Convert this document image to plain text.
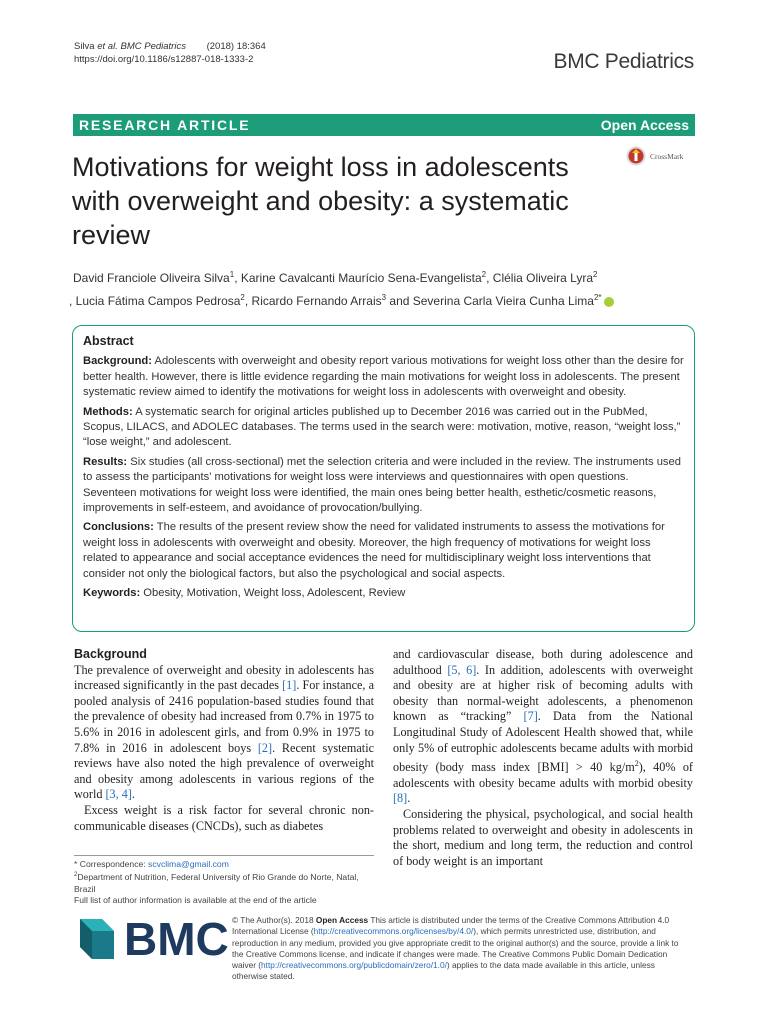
Silva et al. BMC Pediatrics (2018) 18:364
https://doi.org/10.1186/s12887-018-1333-2	BMC Pediatrics
RESEARCH ARTICLE	Open Access
Motivations for weight loss in adolescents with overweight and obesity: a systematic review
CrossMark
David Franciole Oliveira Silva$^1$, Karine Cavalcanti Maurício Sena-Evangelista$^2$, Clélia Oliveira Lyra$^2$
, Lucia Fátima Campos Pedrosa$^2$, Ricardo Fernando Arrais$^3$ and Severina Carla Vieira Cunha Lima$^{2*}$
Abstract

Background: Adolescents with overweight and obesity report various motivations for weight loss other than the desire for better health. However, there is little evidence regarding the main motivations for weight loss in adolescents. The present systematic review aimed to identify the motivations for weight loss in adolescents with overweight and obesity.

Methods: A systematic search for original articles published up to December 2016 was carried out in the PubMed, Scopus, LILACS, and ADOLEC databases. The terms used in the search were: motivation, motive, reason, “weight loss,” “lose weight,” and adolescent.

Results: Six studies (all cross-sectional) met the selection criteria and were included in the review. The instruments used to assess the participants' motivations for weight loss were interviews and questionnaires with open questions. Seventeen motivations for weight loss were identified, the main ones being better health, esthetic/cosmetic reasons, improvements in self-esteem, and avoidance of provocation/bullying.

Conclusions: The results of the present review show the need for validated instruments to assess the motivations for weight loss in adolescents with overweight and obesity. Moreover, the high frequency of motivations for weight loss related to appearance and social acceptance evidences the need for multidisciplinary weight loss interventions that consider not only the biological factors, but also the psychological and social aspects.

Keywords: Obesity, Motivation, Weight loss, Adolescent, Review

Background

The prevalence of overweight and obesity in adolescents has increased significantly in the past decades [1]. For instance, a pooled analysis of 2416 population-based studies found that the prevalence of obesity had increased from 0.7% in 1975 to 5.6% in 2016 in adolescent girls, and from 0.9% in 1975 to 7.8% in 2016 in adolescent boys [2]. Recent systematic reviews have also noted the high prevalence of overweight and obesity among adolescents in various regions of the world [3, 4].

Excess weight is a risk factor for several chronic non-communicable diseases (CNCDs), such as diabetes

and cardiovascular disease, both during adolescence and adulthood [5, 6]. In addition, adolescents with overweight and obesity are at higher risk of becoming adults with obesity than normal-weight adolescents, a phenomenon known as “tracking” [7]. Data from the National Longitudinal Study of Adolescent Health showed that, while only 5% of eutrophic adolescents became adults with morbid obesity (body mass index [BMI] > 40 $kg/m^2$), 40% of adolescents with obesity became adults with morbid obesity [8].

Considering the physical, psychological, and social health problems related to overweight and obesity in adolescents in the short, medium and long term, the reduction and control of body weight is an important

* Correspondence: scvclima@gmail.com
$^2$Department of Nutrition, Federal University of Rio Grande do Norte, Natal, Brazil
Full list of author information is available at the end of the article
BMC © The Author(s). 2018 Open Access This article is distributed under the terms of the Creative Commons Attribution 4.0 International License (http://creativecommons.org/licenses/by/4.0/), which permits unrestricted use, distribution, and reproduction in any medium, provided you give appropriate credit to the original author(s) and the source, provide a link to the Creative Commons license, and indicate if changes were made. The Creative Commons Public Domain Dedication waiver (http://creativecommons.org/publicdomain/zero/1.0/) applies to the data made available in this article, unless otherwise stated.
